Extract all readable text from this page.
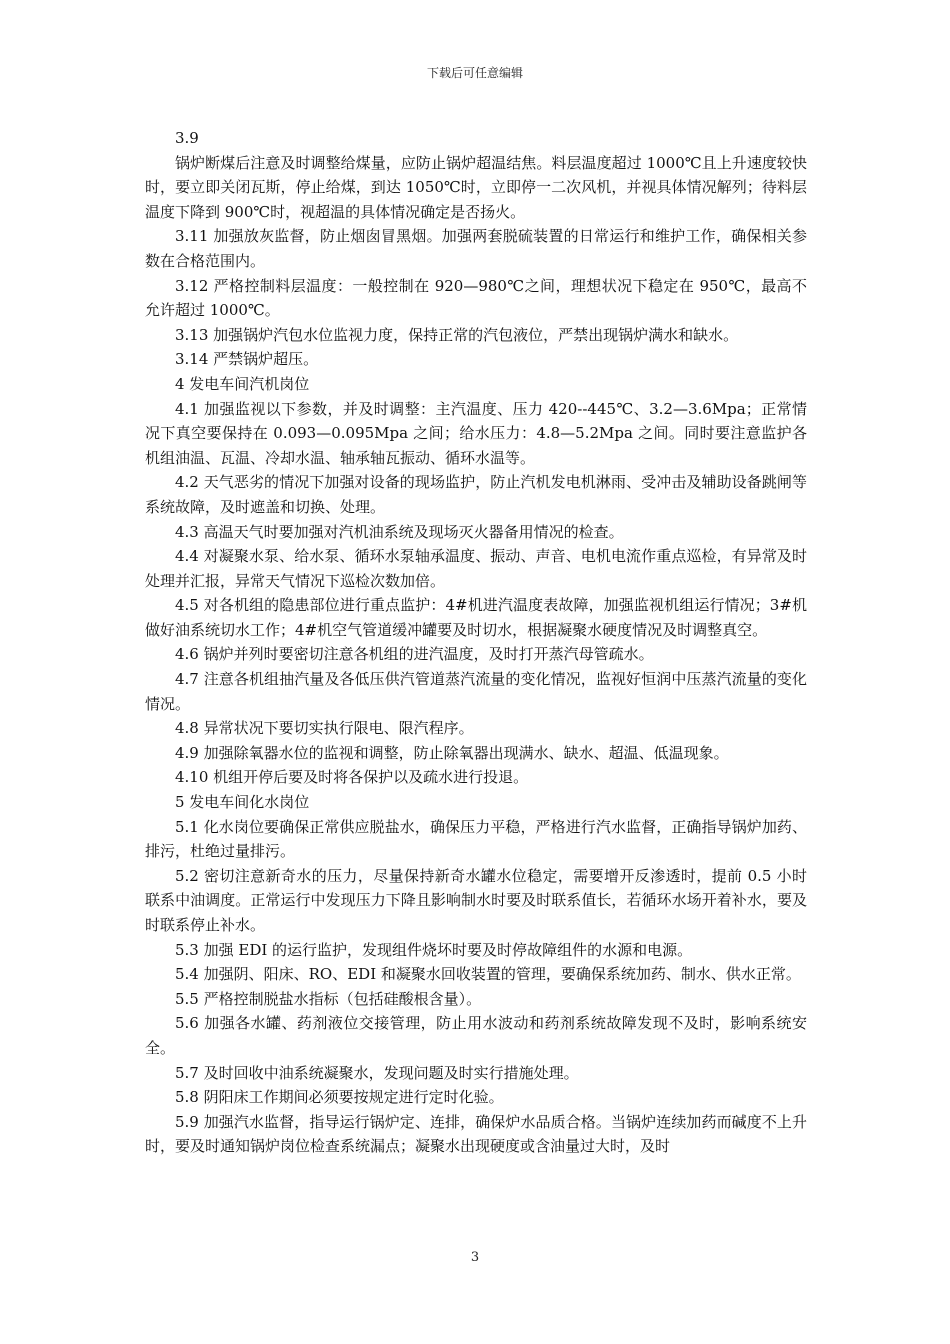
下载后可任意编辑

3.9

锅炉断煤后注意及时调整给煤量，应防止锅炉超温结焦。料层温度超过 1000℃且上升速度较快时，要立即关闭瓦斯，停止给煤，到达 1050℃时，立即停一二次风机，并视具体情况解列；待料层温度下降到 900℃时，视超温的具体情况确定是否扬火。

3.11 加强放灰监督，防止烟囱冒黑烟。加强两套脱硫装置的日常运行和维护工作，确保相关参数在合格范围内。

3.12 严格控制料层温度：一般控制在 920—980℃之间，理想状况下稳定在 950℃，最高不允许超过 1000℃。

3.13 加强锅炉汽包水位监视力度，保持正常的汽包液位，严禁出现锅炉满水和缺水。

3.14 严禁锅炉超压。

4 发电车间汽机岗位

4.1 加强监视以下参数，并及时调整：主汽温度、压力 420--445℃、3.2—3.6Mpa；正常情况下真空要保持在 0.093—0.095Mpa 之间；给水压力：4.8—5.2Mpa 之间。同时要注意监护各机组油温、瓦温、冷却水温、轴承轴瓦振动、循环水温等。

4.2 天气恶劣的情况下加强对设备的现场监护，防止汽机发电机淋雨、受冲击及辅助设备跳闸等系统故障，及时遮盖和切换、处理。

4.3 高温天气时要加强对汽机油系统及现场灭火器备用情况的检查。

4.4 对凝聚水泵、给水泵、循环水泵轴承温度、振动、声音、电机电流作重点巡检，有异常及时处理并汇报，异常天气情况下巡检次数加倍。

4.5 对各机组的隐患部位进行重点监护：4#机进汽温度表故障，加强监视机组运行情况；3#机做好油系统切水工作；4#机空气管道缓冲罐要及时切水，根据凝聚水硬度情况及时调整真空。

4.6 锅炉并列时要密切注意各机组的进汽温度，及时打开蒸汽母管疏水。

4.7 注意各机组抽汽量及各低压供汽管道蒸汽流量的变化情况，监视好恒润中压蒸汽流量的变化情况。

4.8 异常状况下要切实执行限电、限汽程序。

4.9 加强除氧器水位的监视和调整，防止除氧器出现满水、缺水、超温、低温现象。

4.10 机组开停后要及时将各保护以及疏水进行投退。

5 发电车间化水岗位

5.1 化水岗位要确保正常供应脱盐水，确保压力平稳，严格进行汽水监督，正确指导锅炉加药、排污，杜绝过量排污。

5.2 密切注意新奇水的压力，尽量保持新奇水罐水位稳定，需要增开反渗透时，提前 0.5 小时联系中油调度。正常运行中发现压力下降且影响制水时要及时联系值长，若循环水场开着补水，要及时联系停止补水。

5.3 加强 EDI 的运行监护，发现组件烧坏时要及时停故障组件的水源和电源。

5.4 加强阴、阳床、RO、EDI 和凝聚水回收装置的管理，要确保系统加药、制水、供水正常。

5.5 严格控制脱盐水指标（包括硅酸根含量）。

5.6 加强各水罐、药剂液位交接管理，防止用水波动和药剂系统故障发现不及时，影响系统安全。

5.7 及时回收中油系统凝聚水，发现问题及时实行措施处理。

5.8 阴阳床工作期间必须要按规定进行定时化验。

5.9 加强汽水监督，指导运行锅炉定、连排，确保炉水品质合格。当锅炉连续加药而碱度不上升时，要及时通知锅炉岗位检查系统漏点；凝聚水出现硬度或含油量过大时，及时

3
